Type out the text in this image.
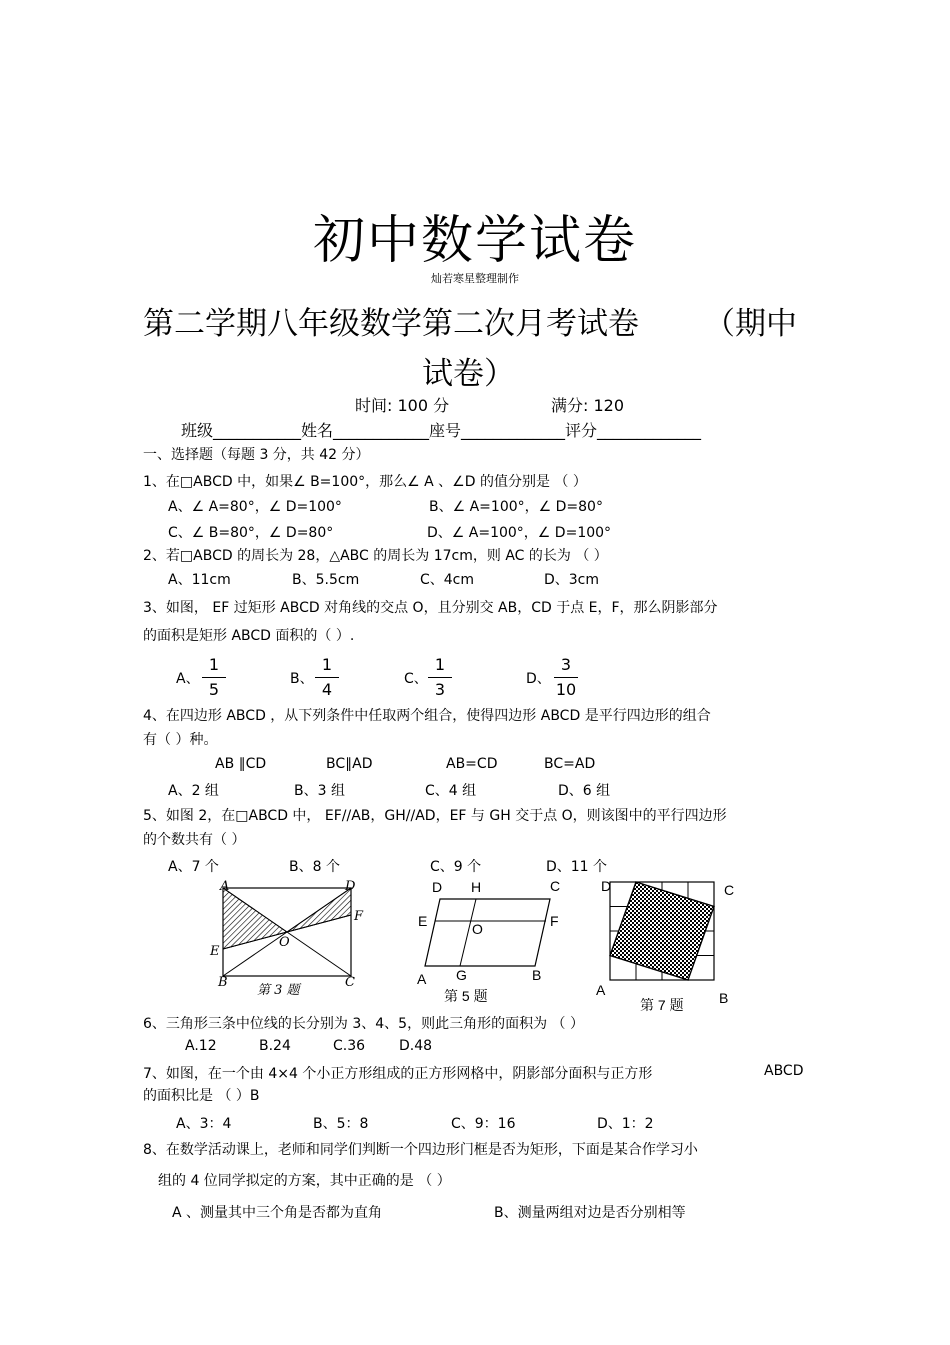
初中数学试卷
灿若寒星整理制作
第二学期八年级数学第二次月考试卷 （期中
试卷）
时间: 100 分	满分: 120
班级___________姓名____________座号_____________评分_____________
一、选择题（每题 3 分，共 42 分）
1、在□ABCD 中，如果∠ B=100°，那么∠ A 、∠D 的值分别是 （ ）
A、∠ A=80°，∠ D=100°	B、∠ A=100°，∠ D=80°
C、∠ B=80°，∠ D=80°	D、∠ A=100°，∠ D=100°
2、若□ABCD 的周长为 28，△ABC 的周长为 17cm，则 AC 的长为 （ ）
A、11cm	B、5.5cm	C、4cm	D、3cm
3、如图， EF 过矩形 ABCD 对角线的交点 O，且分别交 AB，CD 于点 E，F，那么阴影部分
的面积是矩形 ABCD 面积的（ ）.
A、
1
5
B、
1
4
C、
1
3
D、
3
10
4、在四边形 ABCD ，从下列条件中任取两个组合，使得四边形 ABCD 是平行四边形的组合
有（ ）种。
AB ∥CD	BC∥AD	AB=CD	BC=AD
A、2 组	B、3 组	C、4 组	D、6 组
5、如图 2，在□ABCD 中， EF//AB，GH//AD，EF 与 GH 交于点 O，则该图中的平行四边形
的个数共有（ ）
A、7 个	B、8 个	C、9 个	D、11 个
A	D
F
E
O
B	C
第 3 题
D H	C
E	O	F
A G	B
第 5 题
D	C
A	B
第 7 题
6、三角形三条中位线的长分别为 3、4、5，则此三角形的面积为 （ ）
A.12	B.24	C.36 D.48
7、如图，在一个由 4×4 个小正方形组成的正方形网格中，阴影部分面积与正方形	ABCD
的面积比是 （ ）B
A、3：4	B、5：8	C、9：16	D、1：2
8、在数学活动课上，老师和同学们判断一个四边形门框是否为矩形，下面是某合作学习小
组的 4 位同学拟定的方案，其中正确的是 （ ）
A 、测量其中三个角是否都为直角	B、测量两组对边是否分别相等
